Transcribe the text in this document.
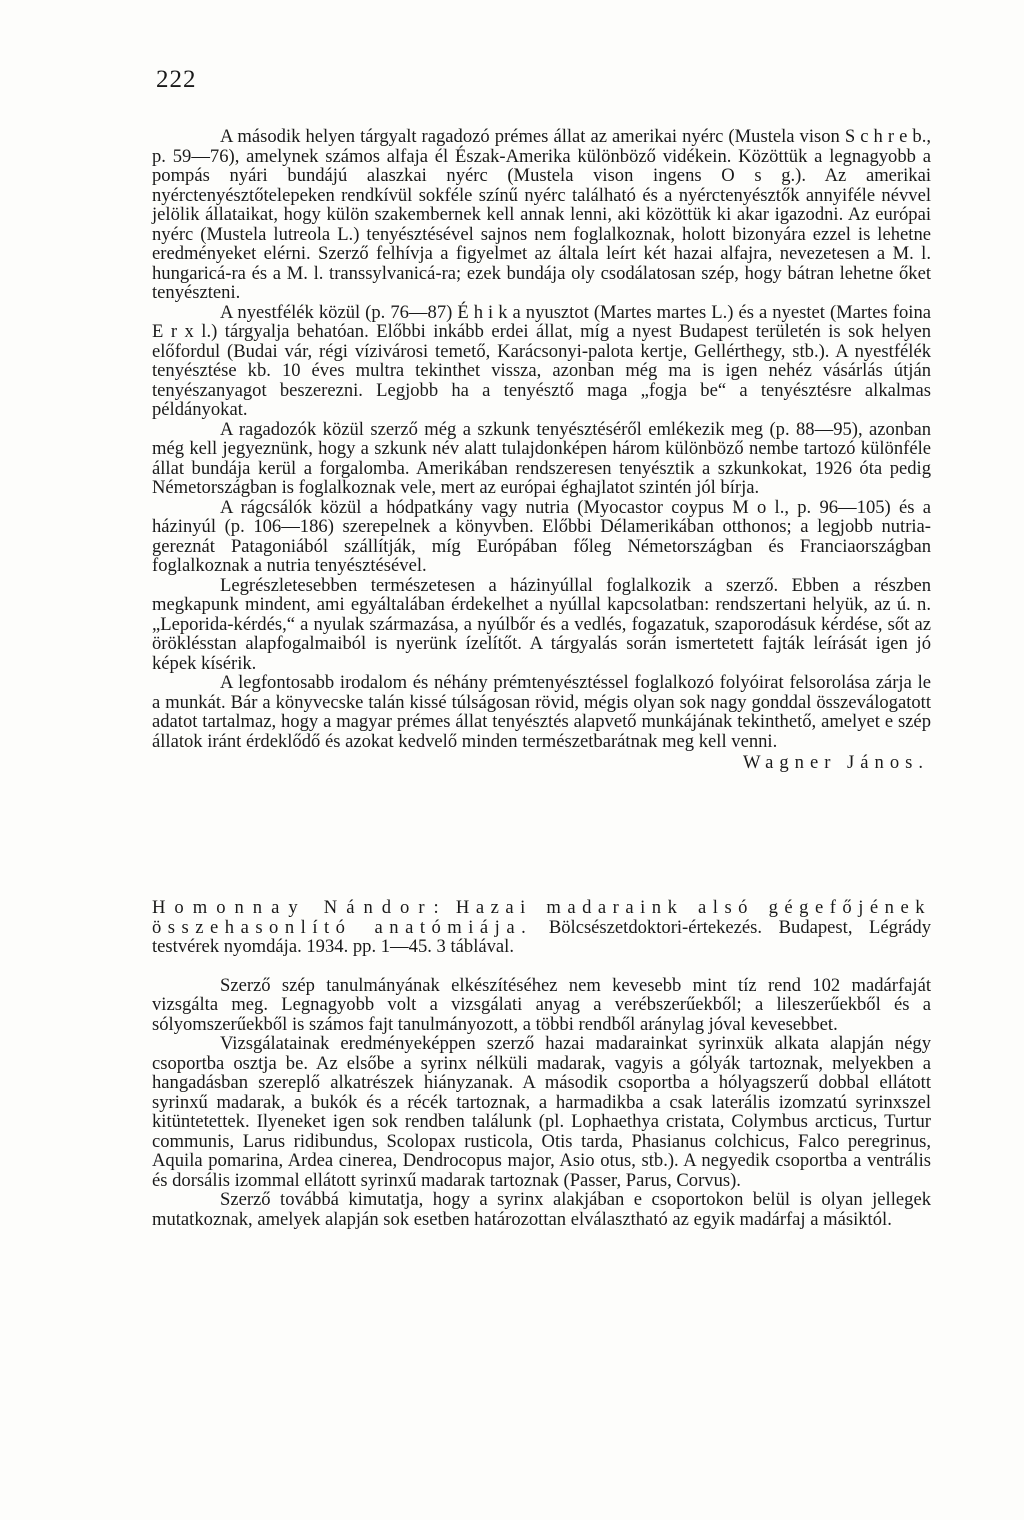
222

A második helyen tárgyalt ragadozó prémes állat az amerikai nyérc (Mustela vison S c h r e b., p. 59—76), amelynek számos alfaja él Észak-Amerika különböző vidékein. Közöttük a legnagyobb a pompás nyári bundájú alaszkai nyérc (Mustela vison ingens O s g.). Az amerikai nyérctenyésztőtelepeken rendkívül sokféle színű nyérc található és a nyérctenyésztők annyiféle névvel jelölik állataikat, hogy külön szakembernek kell annak lenni, aki közöttük ki akar igazodni. Az európai nyérc (Mustela lutreola L.) tenyésztésével sajnos nem foglalkoznak, holott bizonyára ezzel is lehetne eredményeket elérni. Szerző felhívja a figyelmet az általa leírt két hazai alfajra, nevezetesen a M. l. hungaricá-ra és a M. l. transsylvanicá-ra; ezek bundája oly csodálatosan szép, hogy bátran lehetne őket tenyészteni.

A nyestfélék közül (p. 76—87) É h i k a nyusztot (Martes martes L.) és a nyestet (Martes foina E r x l.) tárgyalja behatóan. Előbbi inkább erdei állat, míg a nyest Budapest területén is sok helyen előfordul (Budai vár, régi vízivárosi temető, Karácsonyi-palota kertje, Gellérthegy, stb.). A nyestfélék tenyésztése kb. 10 éves multra tekinthet vissza, azonban még ma is igen nehéz vásárlás útján tenyészanyagot beszerezni. Legjobb ha a tenyésztő maga „fogja be“ a tenyésztésre alkalmas példányokat.

A ragadozók közül szerző még a szkunk tenyésztéséről emlékezik meg (p. 88—95), azonban még kell jegyeznünk, hogy a szkunk név alatt tulajdonképen három különböző nembe tartozó különféle állat bundája kerül a forgalomba. Amerikában rendszeresen tenyésztik a szkunkokat, 1926 óta pedig Németországban is foglalkoznak vele, mert az európai éghajlatot szintén jól bírja.

A rágcsálók közül a hódpatkány vagy nutria (Myocastor coypus M o l., p. 96—105) és a házinyúl (p. 106—186) szerepelnek a könyvben. Előbbi Délamerikában otthonos; a legjobb nutria-gereznát Patagoniából szállítják, míg Európában főleg Németországban és Franciaországban foglalkoznak a nutria tenyésztésével.

Legrészletesebben természetesen a házinyúllal foglalkozik a szerző. Ebben a részben megkapunk mindent, ami egyáltalában érdekelhet a nyúllal kapcsolatban: rendszertani helyük, az ú. n. „Leporida-kérdés,“ a nyulak származása, a nyúlbőr és a vedlés, fogazatuk, szaporodásuk kérdése, sőt az öröklésstan alapfogalmaiból is nyerünk ízelítőt. A tárgyalás során ismertetett fajták leírását igen jó képek kísérik.

A legfontosabb irodalom és néhány prémtenyésztéssel foglalkozó folyóirat felsorolása zárja le a munkát. Bár a könyvecske talán kissé túlságosan rövid, mégis olyan sok nagy gonddal összeválogatott adatot tartalmaz, hogy a magyar prémes állat tenyésztés alapvető munkájának tekinthető, amelyet e szép állatok iránt érdeklődő és azokat kedvelő minden természetbarátnak meg kell venni.

Wagner János.
Homonnay Nándor: Hazai madaraink alsó gégefőjének összehasonlító anatómiája. Bölcsészetdoktori-értekezés. Budapest, Légrády testvérek nyomdája. 1934. pp. 1—45. 3 táblával.

Szerző szép tanulmányának elkészítéséhez nem kevesebb mint tíz rend 102 madárfaját vizsgálta meg. Legnagyobb volt a vizsgálati anyag a verébszerűekből; a lileszerűekből és a sólyomszerűekből is számos fajt tanulmányozott, a többi rendből aránylag jóval kevesebbet.

Vizsgálatainak eredményeképpen szerző hazai madarainkat syrinxük alkata alapján négy csoportba osztja be. Az elsőbe a syrinx nélküli madarak, vagyis a gólyák tartoznak, melyekben a hangadásban szereplő alkatrészek hiányzanak. A második csoportba a hólyagszerű dobbal ellátott syrinxű madarak, a bukók és a récék tartoznak, a harmadikba a csak laterális izomzatú syrinxszel kitüntetettek. Ilyeneket igen sok rendben találunk (pl. Lophaethya cristata, Colymbus arcticus, Turtur communis, Larus ridibundus, Scolopax rusticola, Otis tarda, Phasianus colchicus, Falco peregrinus, Aquila pomarina, Ardea cinerea, Dendrocopus major, Asio otus, stb.). A negyedik csoportba a ventrális és dorsális izommal ellátott syrinxű madarak tartoznak (Passer, Parus, Corvus).

Szerző továbbá kimutatja, hogy a syrinx alakjában e csoportokon belül is olyan jellegek mutatkoznak, amelyek alapján sok esetben határozottan elválasztható az egyik madárfaj a másiktól.
